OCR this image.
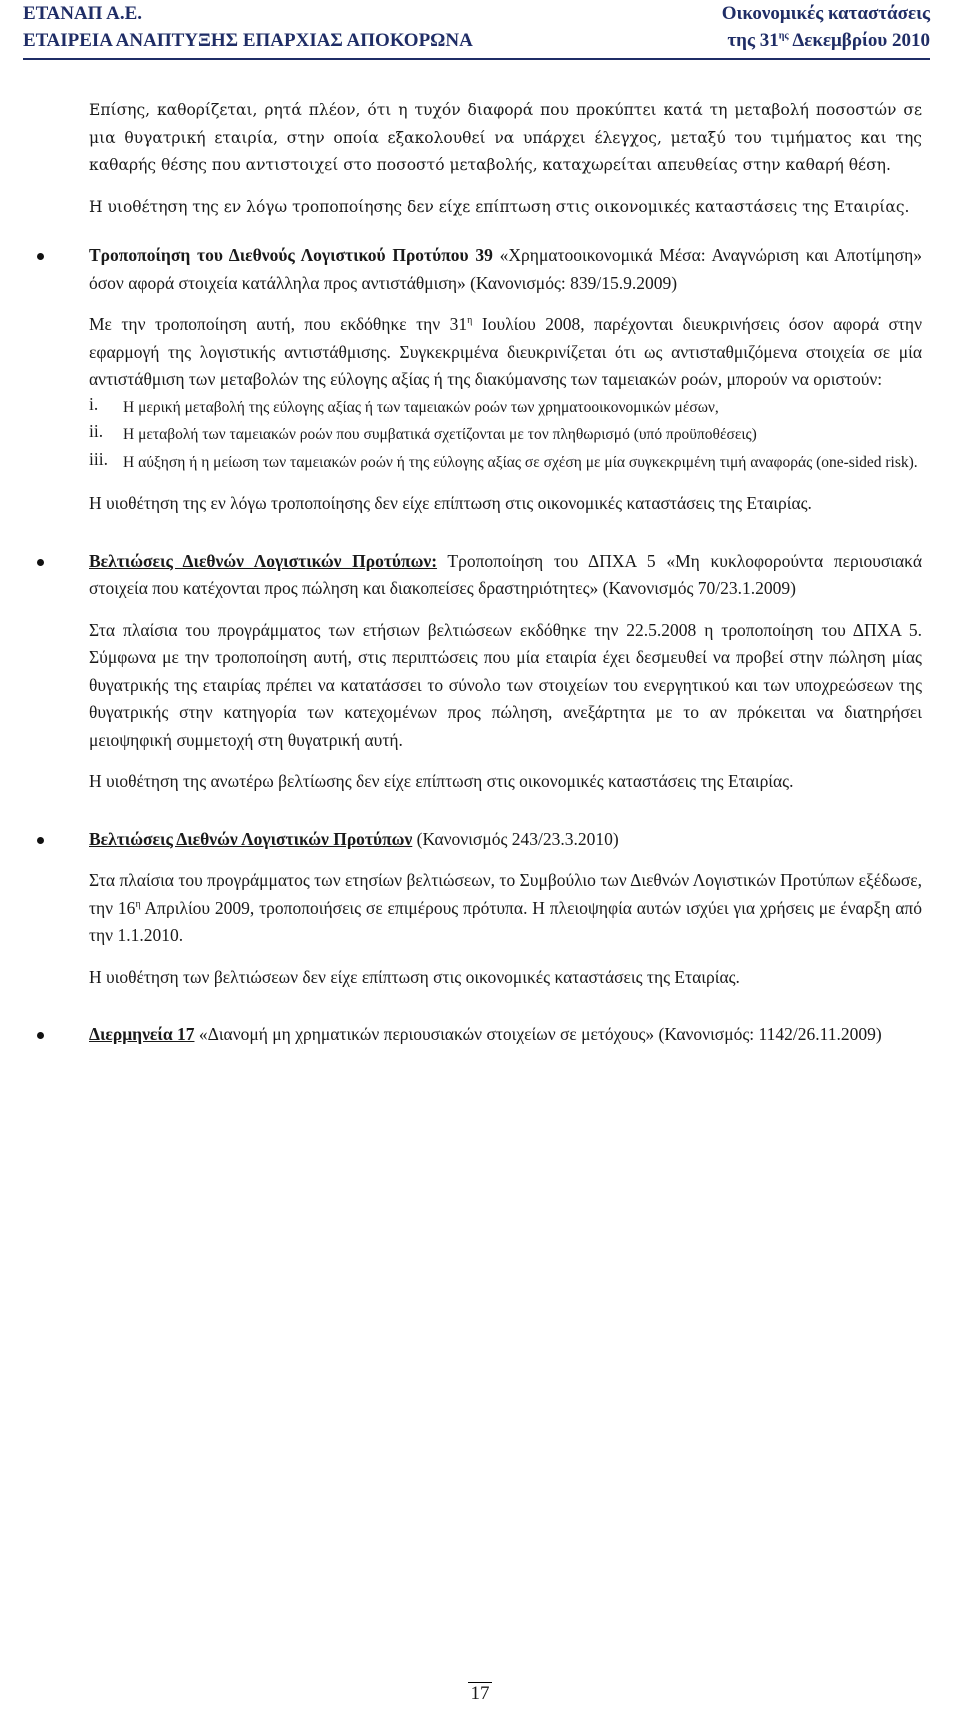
ΕΤΑΝΑΠ Α.Ε.
ΕΤΑΙΡΕΙΑ ΑΝΑΠΤΥΞΗΣ ΕΠΑΡΧΙΑΣ ΑΠΟΚΟΡΩΝΑ
Οικονομικές καταστάσεις
της $31^{\eta\varsigma}$ Δεκεμβρίου 2010

Επίσης, καθορίζεται, ρητά πλέον, ότι η τυχόν διαφορά που προκύπτει κατά τη μεταβολή ποσοστών σε μια θυγατρική εταιρία, στην οποία εξακολουθεί να υπάρχει έλεγχος, μεταξύ του τιμήματος και της καθαρής θέσης που αντιστοιχεί στο ποσοστό μεταβολής, καταχωρείται απευθείας στην καθαρή θέση.

Η υιοθέτηση της εν λόγω τροποποίησης δεν είχε επίπτωση στις οικονομικές καταστάσεις της Εταιρίας.

Τροποποίηση του Διεθνούς Λογιστικού Προτύπου 39 «Χρηματοοικονομικά Μέσα: Αναγνώριση και Αποτίμηση» όσον αφορά στοιχεία κατάλληλα προς αντιστάθμιση» (Κανονισμός: 839/15.9.2009)

Με την τροποποίηση αυτή, που εκδόθηκε την $31^\eta$ Ιουλίου 2008, παρέχονται διευκρινήσεις όσον αφορά στην εφαρμογή της λογιστικής αντιστάθμισης. Συγκεκριμένα διευκρινίζεται ότι ως αντισταθμιζόμενα στοιχεία σε μία αντιστάθμιση των μεταβολών της εύλογης αξίας ή της διακύμανσης των ταμειακών ροών, μπορούν να οριστούν:

i. Η μερική μεταβολή της εύλογης αξίας ή των ταμειακών ροών των χρηματοοικονομικών μέσων,

ii. Η μεταβολή των ταμειακών ροών που συμβατικά σχετίζονται με τον πληθωρισμό (υπό προϋποθέσεις)

iii. Η αύξηση ή η μείωση των ταμειακών ροών ή της εύλογης αξίας σε σχέση με μία συγκεκριμένη τιμή αναφοράς (one-sided risk).

Η υιοθέτηση της εν λόγω τροποποίησης δεν είχε επίπτωση στις οικονομικές καταστάσεις της Εταιρίας.

Βελτιώσεις Διεθνών Λογιστικών Προτύπων: Τροποποίηση του ΔΠΧΑ 5 «Μη κυκλοφορούντα περιουσιακά στοιχεία που κατέχονται προς πώληση και διακοπείσες δραστηριότητες» (Κανονισμός 70/23.1.2009)

Στα πλαίσια του προγράμματος των ετήσιων βελτιώσεων εκδόθηκε την 22.5.2008 η τροποποίηση του ΔΠΧΑ 5. Σύμφωνα με την τροποποίηση αυτή, στις περιπτώσεις που μία εταιρία έχει δεσμευθεί να προβεί στην πώληση μίας θυγατρικής της εταιρίας πρέπει να κατατάσσει το σύνολο των στοιχείων του ενεργητικού και των υποχρεώσεων της θυγατρικής στην κατηγορία των κατεχομένων προς πώληση, ανεξάρτητα με το αν πρόκειται να διατηρήσει μειοψηφική συμμετοχή στη θυγατρική αυτή.

Η υιοθέτηση της ανωτέρω βελτίωσης δεν είχε επίπτωση στις οικονομικές καταστάσεις της Εταιρίας.

Βελτιώσεις Διεθνών Λογιστικών Προτύπων (Κανονισμός 243/23.3.2010)

Στα πλαίσια του προγράμματος των ετησίων βελτιώσεων, το Συμβούλιο των Διεθνών Λογιστικών Προτύπων εξέδωσε, την $16^\eta$ Απριλίου 2009, τροποποιήσεις σε επιμέρους πρότυπα. Η πλειοψηφία αυτών ισχύει για χρήσεις με έναρξη από την 1.1.2010.

Η υιοθέτηση των βελτιώσεων δεν είχε επίπτωση στις οικονομικές καταστάσεις της Εταιρίας.

Διερμηνεία 17 «Διανομή μη χρηματικών περιουσιακών στοιχείων σε μετόχους» (Κανονισμός: 1142/26.11.2009)

17
